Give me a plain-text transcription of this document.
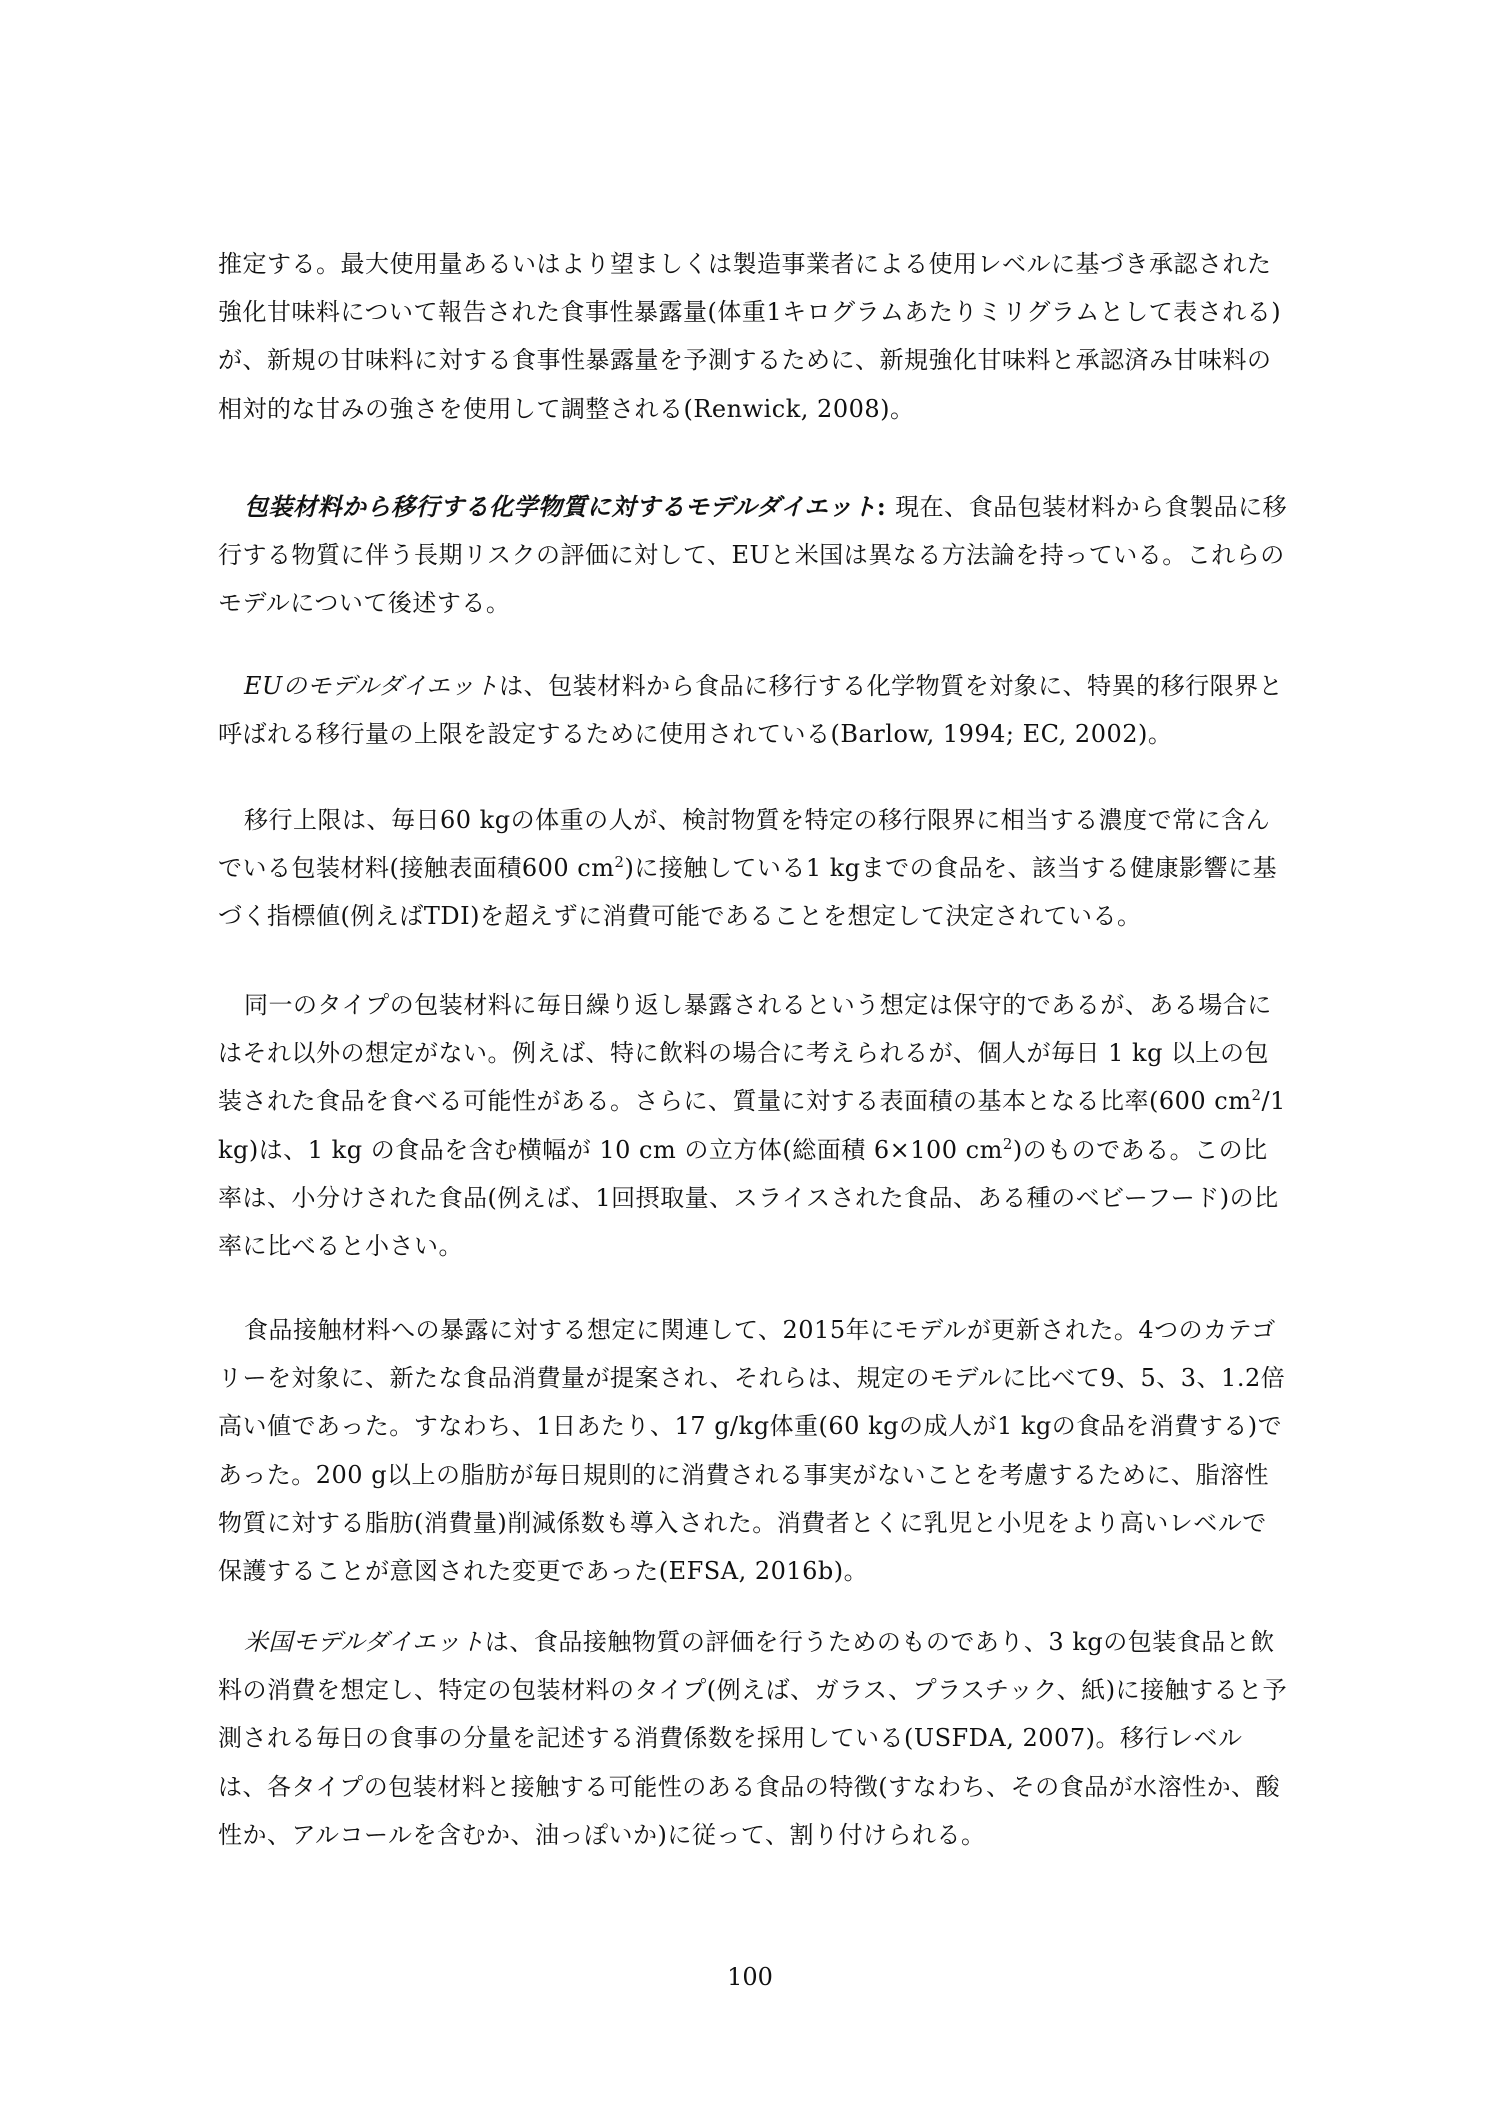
推定する。最大使用量あるいはより望ましくは製造事業者による使用レベルに基づき承認された強化甘味料について報告された食事性暴露量(体重1キログラムあたりミリグラムとして表される)が、新規の甘味料に対する食事性暴露量を予測するために、新規強化甘味料と承認済み甘味料の相対的な甘みの強さを使用して調整される(Renwick, 2008)。

包装材料から移行する化学物質に対するモデルダイエット: 現在、食品包装材料から食製品に移行する物質に伴う長期リスクの評価に対して、EUと米国は異なる方法論を持っている。これらのモデルについて後述する。

EUのモデルダイエットは、包装材料から食品に移行する化学物質を対象に、特異的移行限界と呼ばれる移行量の上限を設定するために使用されている(Barlow, 1994; EC, 2002)。

移行上限は、毎日60 kgの体重の人が、検討物質を特定の移行限界に相当する濃度で常に含んでいる包装材料(接触表面積600 $cm^2$)に接触している1 kgまでの食品を、該当する健康影響に基づく指標値(例えばTDI)を超えずに消費可能であることを想定して決定されている。

同一のタイプの包装材料に毎日繰り返し暴露されるという想定は保守的であるが、ある場合にはそれ以外の想定がない。例えば、特に飲料の場合に考えられるが、個人が毎日 1 kg 以上の包装された食品を食べる可能性がある。さらに、質量に対する表面積の基本となる比率(600 $cm^2/1$ kg)は、1 kg の食品を含む横幅が 10 cm の立方体(総面積 6×100 $cm^2$)のものである。この比率は、小分けされた食品(例えば、1回摂取量、スライスされた食品、ある種のベビーフード)の比率に比べると小さい。

食品接触材料への暴露に対する想定に関連して、2015年にモデルが更新された。4つのカテゴリーを対象に、新たな食品消費量が提案され、それらは、規定のモデルに比べて9、5、3、1.2倍高い値であった。すなわち、1日あたり、17 g/kg体重(60 kgの成人が1 kgの食品を消費する)であった。200 g以上の脂肪が毎日規則的に消費される事実がないことを考慮するために、脂溶性物質に対する脂肪(消費量)削減係数も導入された。消費者とくに乳児と小児をより高いレベルで保護することが意図された変更であった(EFSA, 2016b)。

米国モデルダイエットは、食品接触物質の評価を行うためのものであり、3 kgの包装食品と飲料の消費を想定し、特定の包装材料のタイプ(例えば、ガラス、プラスチック、紙)に接触すると予測される毎日の食事の分量を記述する消費係数を採用している(USFDA, 2007)。移行レベルは、各タイプの包装材料と接触する可能性のある食品の特徴(すなわち、その食品が水溶性か、酸性か、アルコールを含むか、油っぽいか)に従って、割り付けられる。

100
